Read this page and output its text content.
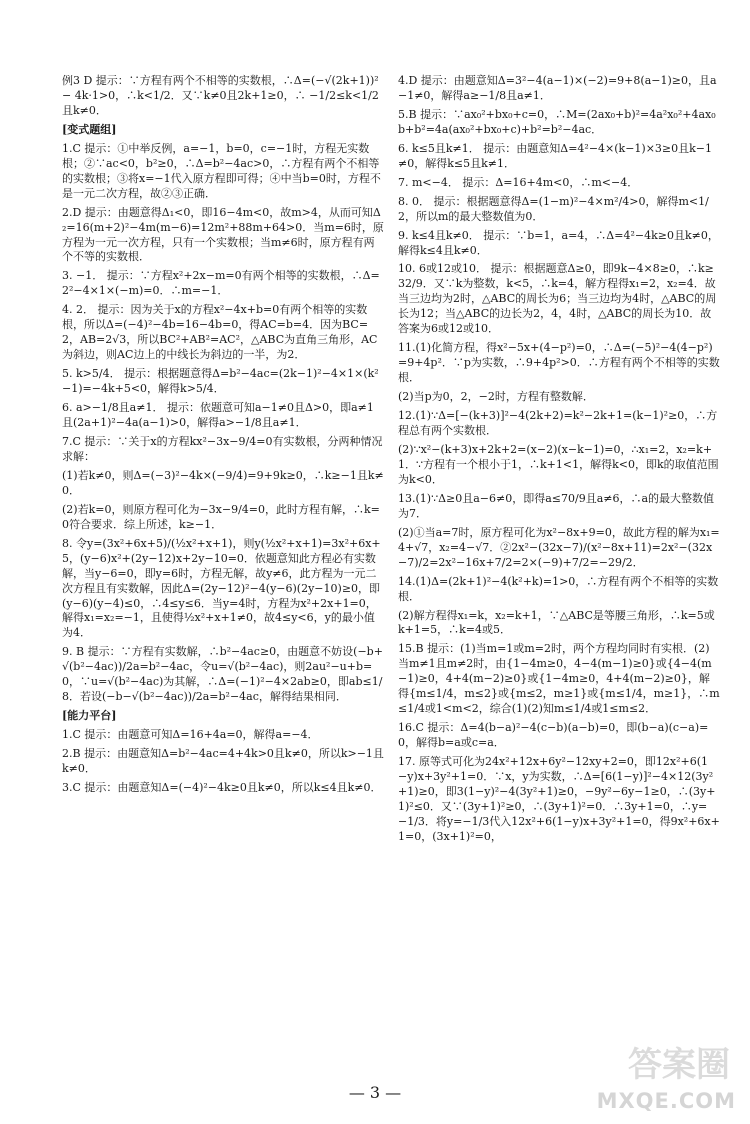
例3 D 提示：∵方程有两个不相等的实数根，∴Δ=(−√(2k+1))² − 4k·1>0，∴k<1/2．又∵k≠0且2k+1≥0，∴ −1/2≤k<1/2且k≠0．

[变式题组]

1.C 提示：①中举反例，a=−1，b=0，c=−1时，方程无实数根；②∵ac<0，b²≥0，∴Δ=b²−4ac>0，∴方程有两个不相等的实数根；③将x=−1代入原方程即可得；④中当b=0时，方程不是一元二次方程，故②③正确．

2.D 提示：由题意得Δ₁<0，即16−4m<0，故m>4，从而可知Δ₂=16(m+2)²−4m(m−6)=12m²+88m+64>0．当m=6时，原方程为一元一次方程，只有一个实数根；当m≠6时，原方程有两个不等的实数根．

3. −1． 提示：∵方程x²+2x−m=0有两个相等的实数根，∴Δ=2²−4×1×(−m)=0．∴m=−1．

4. 2． 提示：因为关于x的方程x²−4x+b=0有两个相等的实数根，所以Δ=(−4)²−4b=16−4b=0，得AC=b=4．因为BC=2，AB=2√3，所以BC²+AB²=AC²，△ABC为直角三角形，AC为斜边，则AC边上的中线长为斜边的一半，为2．

5. k>5/4． 提示：根据题意得Δ=b²−4ac=(2k−1)²−4×1×(k²−1)=−4k+5<0，解得k>5/4．

6. a>−1/8且a≠1． 提示：依题意可知a−1≠0且Δ>0，即a≠1且(2a+1)²−4a(a−1)>0，解得a>−1/8且a≠1．

7.C 提示：∵关于x的方程kx²−3x−9/4=0有实数根，分两种情况求解：

(1)若k≠0，则Δ=(−3)²−4k×(−9/4)=9+9k≥0，∴k≥−1且k≠0．

(2)若k=0，则原方程可化为−3x−9/4=0，此时方程有解，∴k=0符合要求．综上所述，k≥−1．

8. 令y=(3x²+6x+5)/(½x²+x+1)，则y(½x²+x+1)=3x²+6x+5，(y−6)x²+(2y−12)x+2y−10=0．依题意知此方程必有实数解，当y−6=0，即y=6时，方程无解，故y≠6，此方程为一元二次方程且有实数解，因此Δ=(2y−12)²−4(y−6)(2y−10)≥0，即(y−6)(y−4)≤0，∴4≤y≤6．当y=4时，方程为x²+2x+1=0，解得x₁=x₂=−1，且使得½x²+x+1≠0，故4≤y<6，y的最小值为4．

9. B 提示：∵方程有实数解，∴b²−4ac≥0，由题意不妨设(−b+√(b²−4ac))/2a=b²−4ac，令u=√(b²−4ac)，则2au²−u+b=0，∵u=√(b²−4ac)为其解，∴Δ=(−1)²−4×2ab≥0，即ab≤1/8．若设(−b−√(b²−4ac))/2a=b²−4ac，解得结果相同．

[能力平台]

1.C 提示：由题意可知Δ=16+4a=0，解得a=−4．

2.B 提示：由题意知Δ=b²−4ac=4+4k>0且k≠0，所以k>−1且k≠0．

3.C 提示：由题意知Δ=(−4)²−4k≥0且k≠0，所以k≤4且k≠0．

4.D 提示：由题意知Δ=3²−4(a−1)×(−2)=9+8(a−1)≥0，且a−1≠0，解得a≥−1/8且a≠1．

5.B 提示：∵ax₀²+bx₀+c=0，∴M=(2ax₀+b)²=4a²x₀²+4ax₀b+b²=4a(ax₀²+bx₀+c)+b²=b²−4ac．

6. k≤5且k≠1． 提示：由题意知Δ=4²−4×(k−1)×3≥0且k−1≠0，解得k≤5且k≠1．

7. m<−4． 提示：Δ=16+4m<0，∴m<−4．

8. 0． 提示：根据题意得Δ=(1−m)²−4×m²/4>0，解得m<1/2，所以m的最大整数值为0．

9. k≤4且k≠0． 提示：∵b=1，a=4，∴Δ=4²−4k≥0且k≠0，解得k≤4且k≠0．

10. 6或12或10． 提示：根据题意Δ≥0，即9k−4×8≥0，∴k≥32/9．又∵k为整数，k<5，∴k=4，解方程得x₁=2，x₂=4．故当三边均为2时，△ABC的周长为6；当三边均为4时，△ABC的周长为12；当△ABC的边长为2，4，4时，△ABC的周长为10．故答案为6或12或10．

11.(1)化简方程，得x²−5x+(4−p²)=0，∴Δ=(−5)²−4(4−p²)=9+4p²．∵p为实数，∴9+4p²>0．∴方程有两个不相等的实数根．

(2)当p为0，2，−2时，方程有整数解．

12.(1)∵Δ=[−(k+3)]²−4(2k+2)=k²−2k+1=(k−1)²≥0，∴方程总有两个实数根．

(2)∵x²−(k+3)x+2k+2=(x−2)(x−k−1)=0，∴x₁=2，x₂=k+1．∵方程有一个根小于1，∴k+1<1，解得k<0，即k的取值范围为k<0．

13.(1)∵Δ≥0且a−6≠0，即得a≤70/9且a≠6，∴a的最大整数值为7．

(2)①当a=7时，原方程可化为x²−8x+9=0，故此方程的解为x₁=4+√7，x₂=4−√7．②2x²−(32x−7)/(x²−8x+11)=2x²−(32x−7)/2=2x²−16x+7/2=2×(−9)+7/2=−29/2．

14.(1)Δ=(2k+1)²−4(k²+k)=1>0，∴方程有两个不相等的实数根．

(2)解方程得x₁=k，x₂=k+1，∵△ABC是等腰三角形，∴k=5或k+1=5，∴k=4或5．

15.B 提示：(1)当m=1或m=2时，两个方程均同时有实根．(2)当m≠1且m≠2时，由{1−4m≥0，4−4(m−1)≥0}或{4−4(m−1)≥0，4+4(m−2)≥0}或{1−4m≥0，4+4(m−2)≥0}，解得{m≤1/4，m≤2}或{m≤2，m≥1}或{m≤1/4，m≥1}，∴m≤1/4或1<m<2，综合(1)(2)知m≤1/4或1≤m≤2．

16.C 提示：Δ=4(b−a)²−4(c−b)(a−b)=0，即(b−a)(c−a)=0，解得b=a或c=a．

17. 原等式可化为24x²+12x+6y²−12xy+2=0，即12x²+6(1−y)x+3y²+1=0．∵x，y为实数，∴Δ=[6(1−y)]²−4×12(3y²+1)≥0，即3(1−y)²−4(3y²+1)≥0，−9y²−6y−1≥0，∴(3y+1)²≤0．又∵(3y+1)²≥0，∴(3y+1)²=0．∴3y+1=0，∴y=−1/3．将y=−1/3代入12x²+6(1−y)x+3y²+1=0，得9x²+6x+1=0，(3x+1)²=0，

— 3 —
答案圈
MXQE.COM
